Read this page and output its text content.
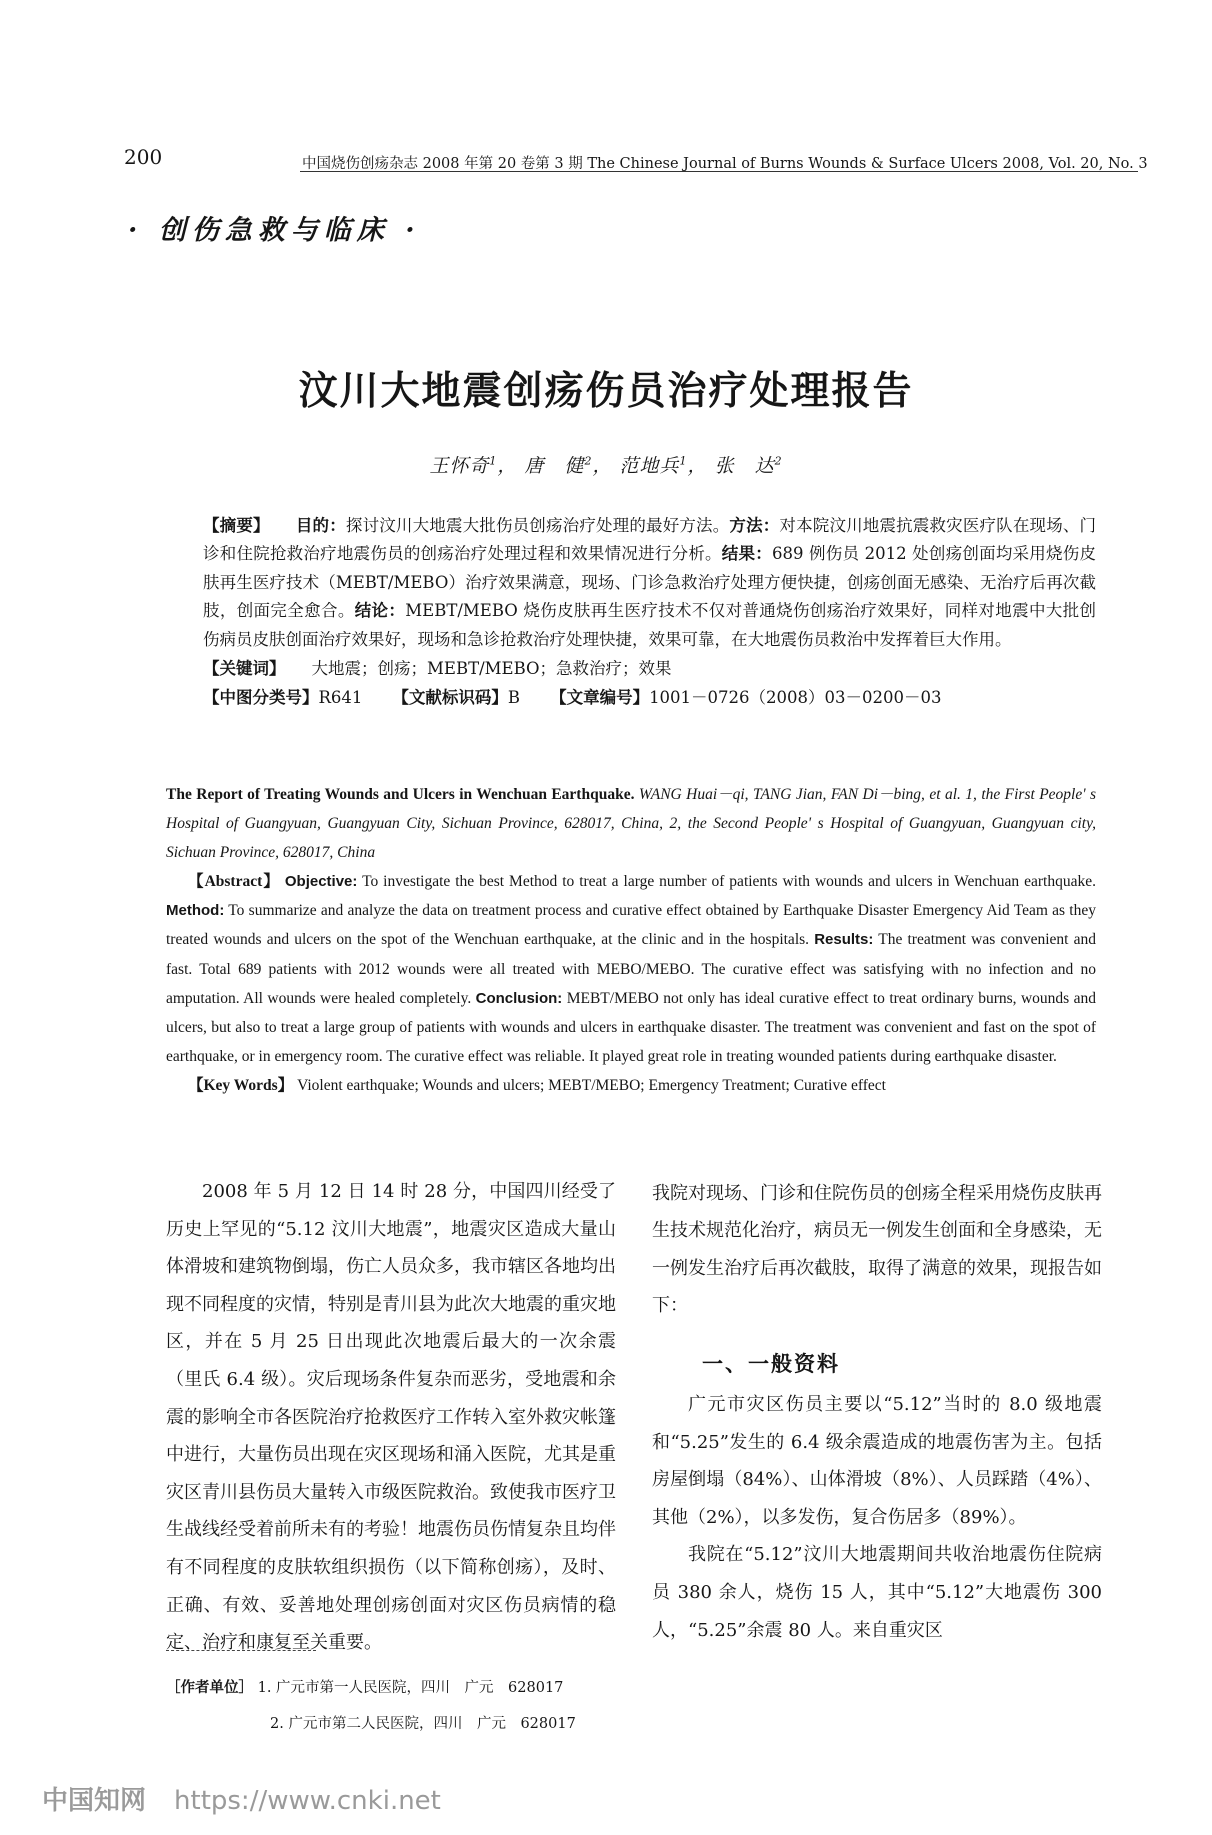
200	中国烧伤创疡杂志 2008 年第 20 卷第 3 期 The Chinese Journal of Burns Wounds & Surface Ulcers 2008, Vol. 20, No. 3
· 创伤急救与临床 ·
汶川大地震创疡伤员治疗处理报告
王怀奇$^1$， 唐　健$^2$， 范地兵$^1$， 张　达$^2$

【摘要】 目的：探讨汶川大地震大批伤员创疡治疗处理的最好方法。方法：对本院汶川地震抗震救灾医疗队在现场、门诊和住院抢救治疗地震伤员的创疡治疗处理过程和效果情况进行分析。结果：689 例伤员 2012 处创疡创面均采用烧伤皮肤再生医疗技术（MEBT/MEBO）治疗效果满意，现场、门诊急救治疗处理方便快捷，创疡创面无感染、无治疗后再次截肢，创面完全愈合。结论：MEBT/MEBO 烧伤皮肤再生医疗技术不仅对普通烧伤创疡治疗效果好，同样对地震中大批创伤病员皮肤创面治疗效果好，现场和急诊抢救治疗处理快捷，效果可靠，在大地震伤员救治中发挥着巨大作用。

【关键词】 大地震；创疡；MEBT/MEBO；急救治疗；效果

【中图分类号】R641 【文献标识码】B 【文章编号】1001－0726（2008）03－0200－03

The Report of Treating Wounds and Ulcers in Wenchuan Earthquake. WANG Huai－qi, TANG Jian, FAN Di－bing, et al. 1, the First People' s Hospital of Guangyuan, Guangyuan City, Sichuan Province, 628017, China, 2, the Second People' s Hospital of Guangyuan, Guangyuan city, Sichuan Province, 628017, China

【Abstract】 Objective: To investigate the best Method to treat a large number of patients with wounds and ulcers in Wenchuan earthquake. Method: To summarize and analyze the data on treatment process and curative effect obtained by Earthquake Disaster Emergency Aid Team as they treated wounds and ulcers on the spot of the Wenchuan earthquake, at the clinic and in the hospitals. Results: The treatment was convenient and fast. Total 689 patients with 2012 wounds were all treated with MEBO/MEBO. The curative effect was satisfying with no infection and no amputation. All wounds were healed completely. Conclusion: MEBT/MEBO not only has ideal curative effect to treat ordinary burns, wounds and ulcers, but also to treat a large group of patients with wounds and ulcers in earthquake disaster. The treatment was convenient and fast on the spot of earthquake, or in emergency room. The curative effect was reliable. It played great role in treating wounded patients during earthquake disaster.

【Key Words】 Violent earthquake; Wounds and ulcers; MEBT/MEBO; Emergency Treatment; Curative effect

2008 年 5 月 12 日 14 时 28 分，中国四川经受了历史上罕见的“5.12 汶川大地震”，地震灾区造成大量山体滑坡和建筑物倒塌，伤亡人员众多，我市辖区各地均出现不同程度的灾情，特别是青川县为此次大地震的重灾地区，并在 5 月 25 日出现此次地震后最大的一次余震（里氏 6.4 级）。灾后现场条件复杂而恶劣，受地震和余震的影响全市各医院治疗抢救医疗工作转入室外救灾帐篷中进行，大量伤员出现在灾区现场和涌入医院，尤其是重灾区青川县伤员大量转入市级医院救治。致使我市医疗卫生战线经受着前所未有的考验！地震伤员伤情复杂且均伴有不同程度的皮肤软组织损伤（以下简称创疡），及时、正确、有效、妥善地处理创疡创面对灾区伤员病情的稳定、治疗和康复至关重要。

我院对现场、门诊和住院伤员的创疡全程采用烧伤皮肤再生技术规范化治疗，病员无一例发生创面和全身感染，无一例发生治疗后再次截肢，取得了满意的效果，现报告如下：

一、一般资料

广元市灾区伤员主要以“5.12”当时的 8.0 级地震和“5.25”发生的 6.4 级余震造成的地震伤害为主。包括房屋倒塌（84%）、山体滑坡（8%）、人员踩踏（4%）、其他（2%），以多发伤，复合伤居多（89%）。

我院在“5.12”汶川大地震期间共收治地震伤住院病员 380 余人，烧伤 15 人，其中“5.12”大地震伤 300 人，“5.25”余震 80 人。来自重灾区

［作者单位］ 1. 广元市第一人民医院，四川　广元　628017
2. 广元市第二人民医院，四川　广元　628017
中国知网 https://www.cnki.net
